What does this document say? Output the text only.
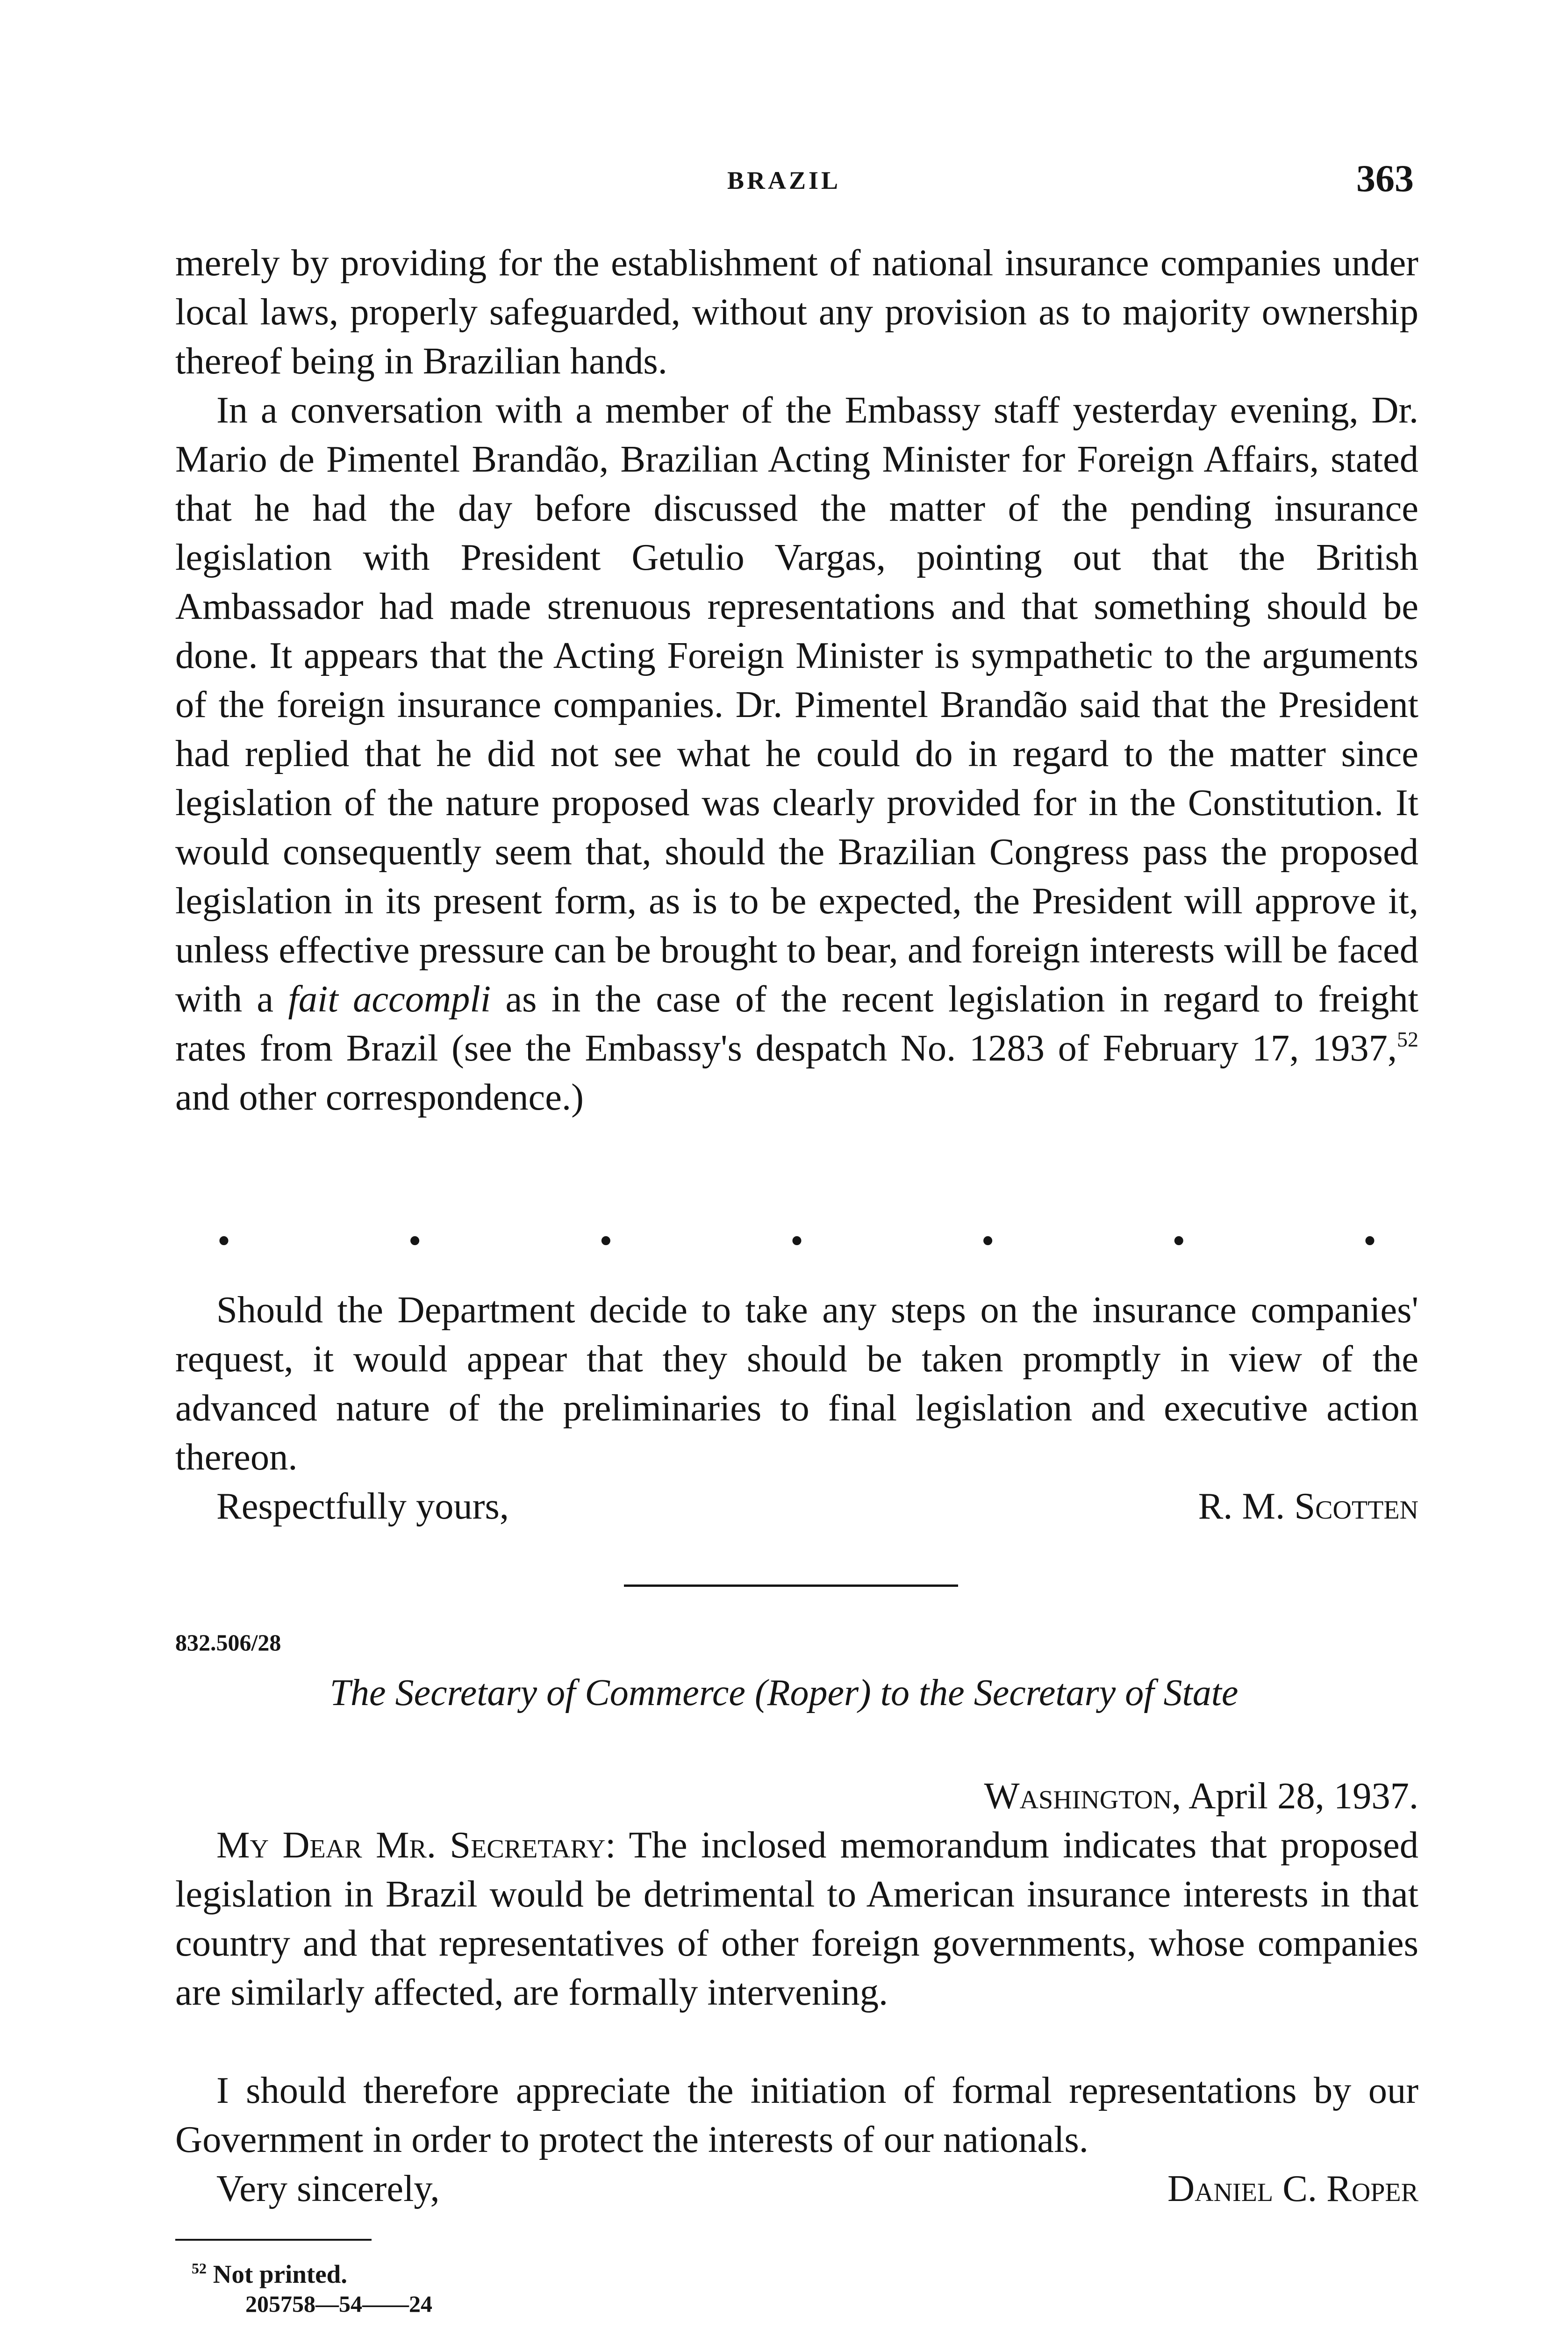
BRAZIL	363

merely by providing for the establishment of national insurance companies under local laws, properly safeguarded, without any provision as to majority ownership thereof being in Brazilian hands.

In a conversation with a member of the Embassy staff yesterday evening, Dr. Mario de Pimentel Brandão, Brazilian Acting Minister for Foreign Affairs, stated that he had the day before discussed the matter of the pending insurance legislation with President Getulio Vargas, pointing out that the British Ambassador had made strenuous representations and that something should be done. It appears that the Acting Foreign Minister is sympathetic to the arguments of the foreign insurance companies. Dr. Pimentel Brandão said that the President had replied that he did not see what he could do in regard to the matter since legislation of the nature proposed was clearly provided for in the Constitution. It would consequently seem that, should the Brazilian Congress pass the proposed legislation in its present form, as is to be expected, the President will approve it, unless effective pressure can be brought to bear, and foreign interests will be faced with a fait accompli as in the case of the recent legislation in regard to freight rates from Brazil (see the Embassy's despatch No. 1283 of February 17, 1937,52 and other correspondence.)

•	•	•	•	•	•	•

Should the Department decide to take any steps on the insurance companies' request, it would appear that they should be taken promptly in view of the advanced nature of the preliminaries to final legislation and executive action thereon.

Respectfully yours,	R. M. Scotten
832.506/28
The Secretary of Commerce (Roper) to the Secretary of State
Washington, April 28, 1937.

My Dear Mr. Secretary: The inclosed memorandum indicates that proposed legislation in Brazil would be detrimental to American insurance interests in that country and that representatives of other foreign governments, whose companies are similarly affected, are formally intervening.

I should therefore appreciate the initiation of formal representations by our Government in order to protect the interests of our nationals.

Very sincerely,	Daniel C. Roper
$^{52}$ Not printed.
205758—54——24
